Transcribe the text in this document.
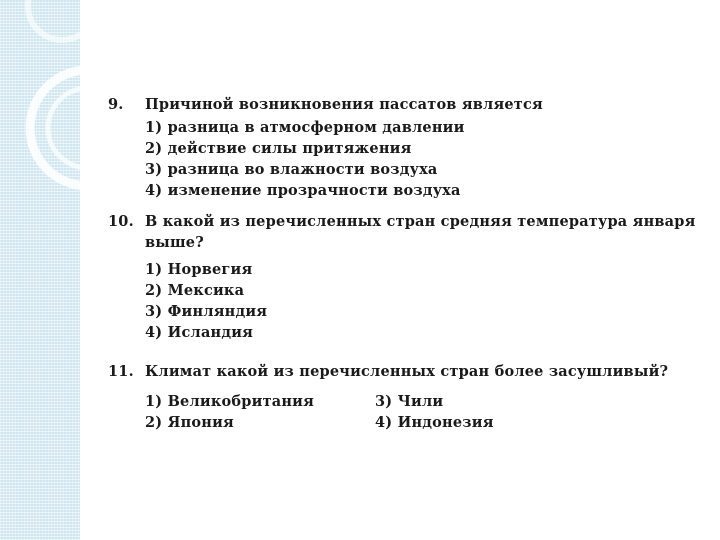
9. Причиной возникновения пассатов является
1) разница в атмосферном давлении
2) действие силы притяжения
3) разница во влажности воздуха
4) изменение прозрачности воздуха
10. В какой из перечисленных стран средняя температура января выше?
1) Норвегия
2) Мексика
3) Финляндия
4) Исландия
11. Климат какой из перечисленных стран более засушливый?
1) Великобритания	3) Чили
2) Япония	4) Индонезия
